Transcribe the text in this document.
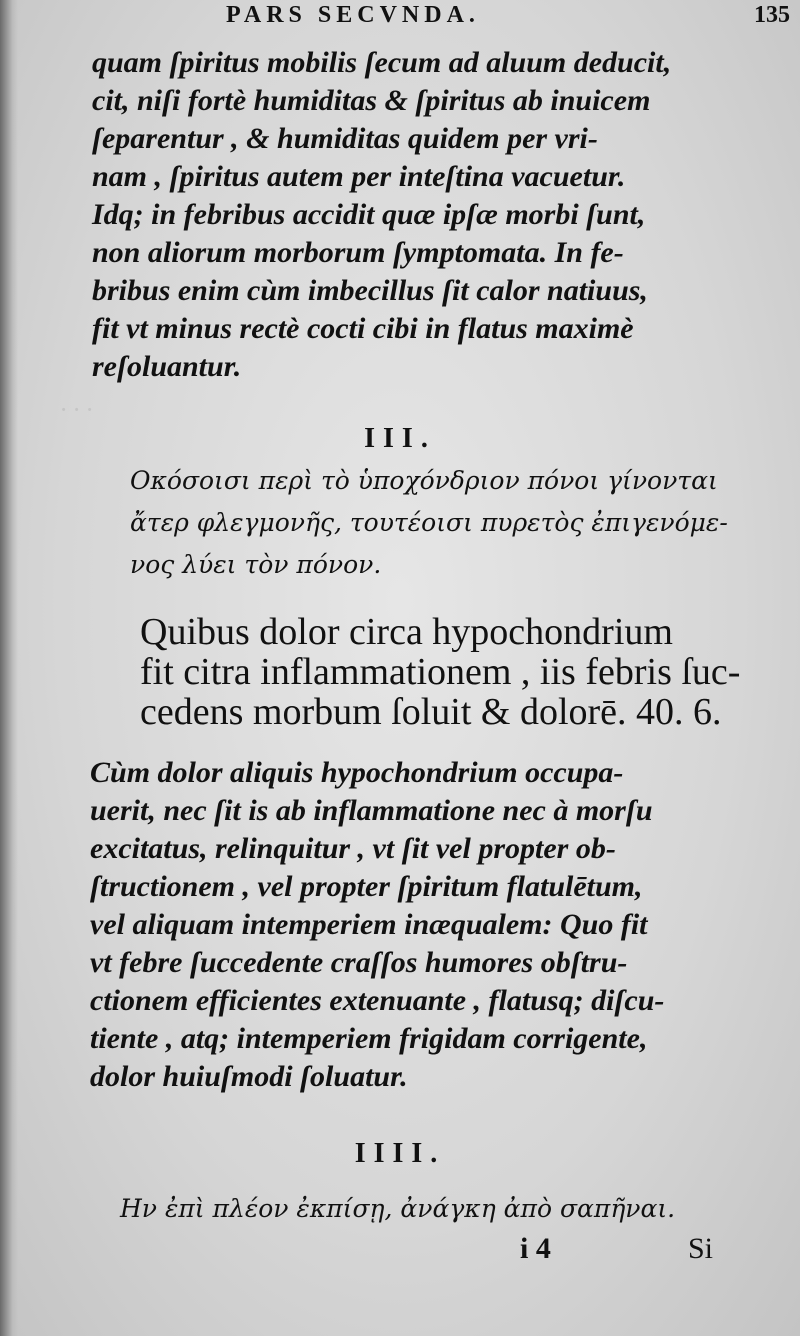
· · ·
PARS SECVNDA.	135
quam ſpiritus mobilis ſecum ad aluum deducit,
cit, niſi fortè humiditas & ſpiritus ab inuicem
ſeparentur , & humiditas quidem per vri-
nam , ſpiritus autem per inteſtina vacuetur.
Idq; in febribus accidit quæ ipſæ morbi ſunt,
non aliorum morborum ſymptomata. In fe-
bribus enim cùm imbecillus ſit calor natiuus,
fit vt minus rectè cocti cibi in flatus maximè
reſoluantur.
III.
Οκόσοισι περὶ τὸ ὑποχόνδριον πόνοι γίνονται
ἄτερ φλεγμονῆς, τουτέοισι πυρετὸς ἐπιγενόμε-
νος λύει τὸν πόνον.
Quibus dolor circa hypochondrium
fit citra inflammationem , iis febris ſuc-
cedens morbum ſoluit & dolorē. 40. 6.
Cùm dolor aliquis hypochondrium occupa-
uerit, nec ſit is ab inflammatione nec à morſu
excitatus, relinquitur , vt ſit vel propter ob-
ſtructionem , vel propter ſpiritum flatulētum,
vel aliquam intemperiem inæqualem: Quo fit
vt febre ſuccedente craſſos humores obſtru-
ctionem efficientes extenuante , flatusq; diſcu-
tiente , atq; intemperiem frigidam corrigente,
dolor huiuſmodi ſoluatur.
IIII.
Ην ἐπὶ πλέον ἐκπίσῃ, ἀνάγκη ἀπὸ σαπῆναι.
i 4	Si
